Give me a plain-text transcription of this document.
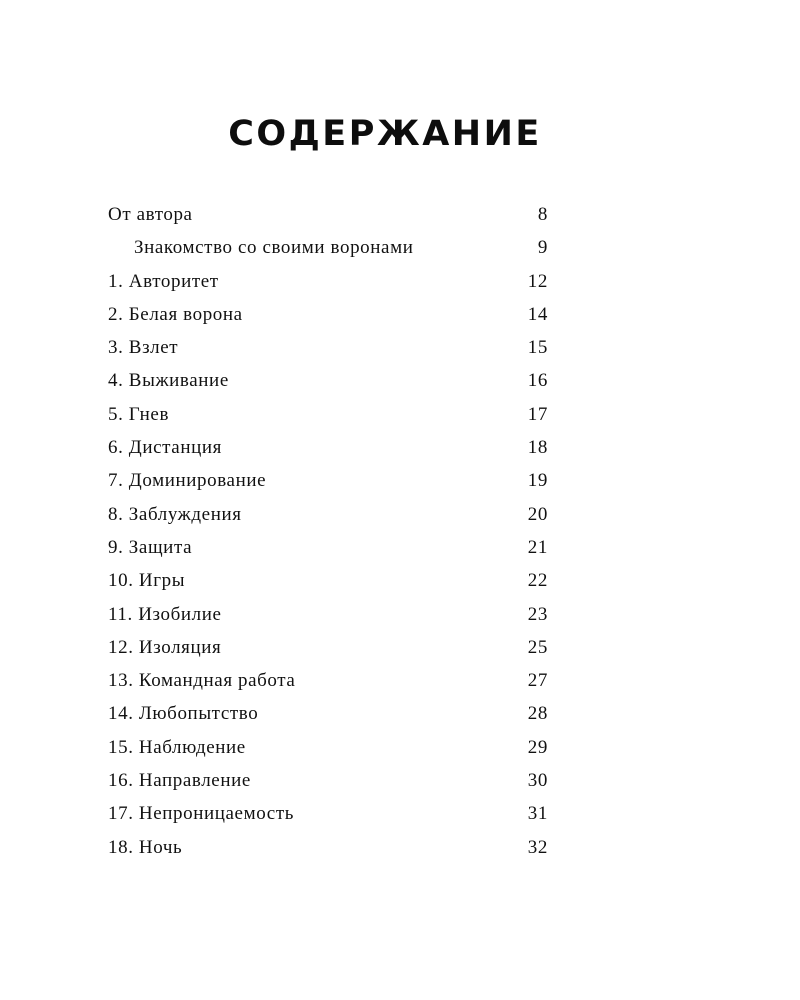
СОДЕРЖАНИЕ
От автора	8
Знакомство со своими воронами	9
1. Авторитет	12
2. Белая ворона	14
3. Взлет	15
4. Выживание	16
5. Гнев	17
6. Дистанция	18
7. Доминирование	19
8. Заблуждения	20
9. Защита	21
10. Игры	22
11. Изобилие	23
12. Изоляция	25
13. Командная работа	27
14. Любопытство	28
15. Наблюдение	29
16. Направление	30
17. Непроницаемость	31
18. Ночь	32
